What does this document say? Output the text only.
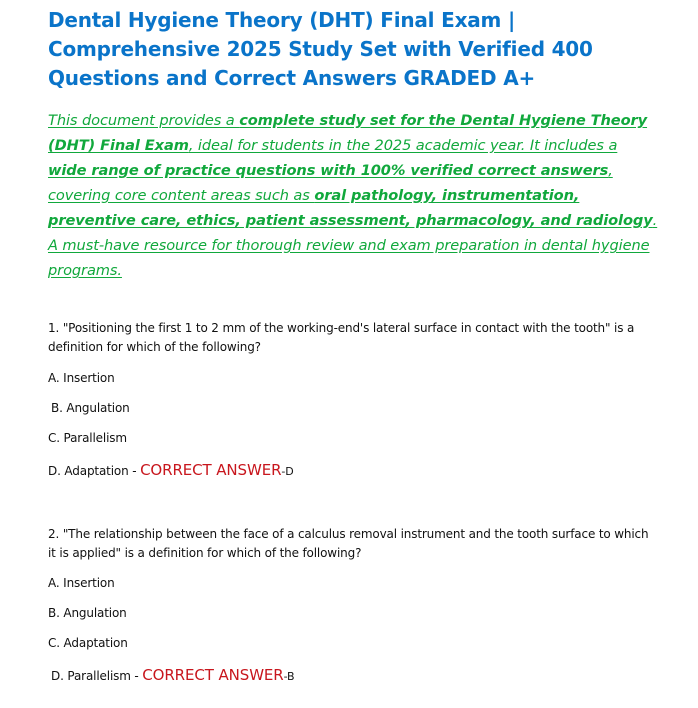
Dental Hygiene Theory (DHT) Final Exam | Comprehensive 2025 Study Set with Verified 400 Questions and Correct Answers GRADED A+
This document provides a complete study set for the Dental Hygiene Theory (DHT) Final Exam, ideal for students in the 2025 academic year. It includes a wide range of practice questions with 100% verified correct answers, covering core content areas such as oral pathology, instrumentation, preventive care, ethics, patient assessment, pharmacology, and radiology. A must-have resource for thorough review and exam preparation in dental hygiene programs.
1. "Positioning the first 1 to 2 mm of the working-end's lateral surface in contact with the tooth" is a definition for which of the following?
A. Insertion
B. Angulation
C. Parallelism
D. Adaptation - CORRECT ANSWER-D
2. "The relationship between the face of a calculus removal instrument and the tooth surface to which it is applied" is a definition for which of the following?
A. Insertion
B. Angulation
C. Adaptation
D. Parallelism - CORRECT ANSWER-B
